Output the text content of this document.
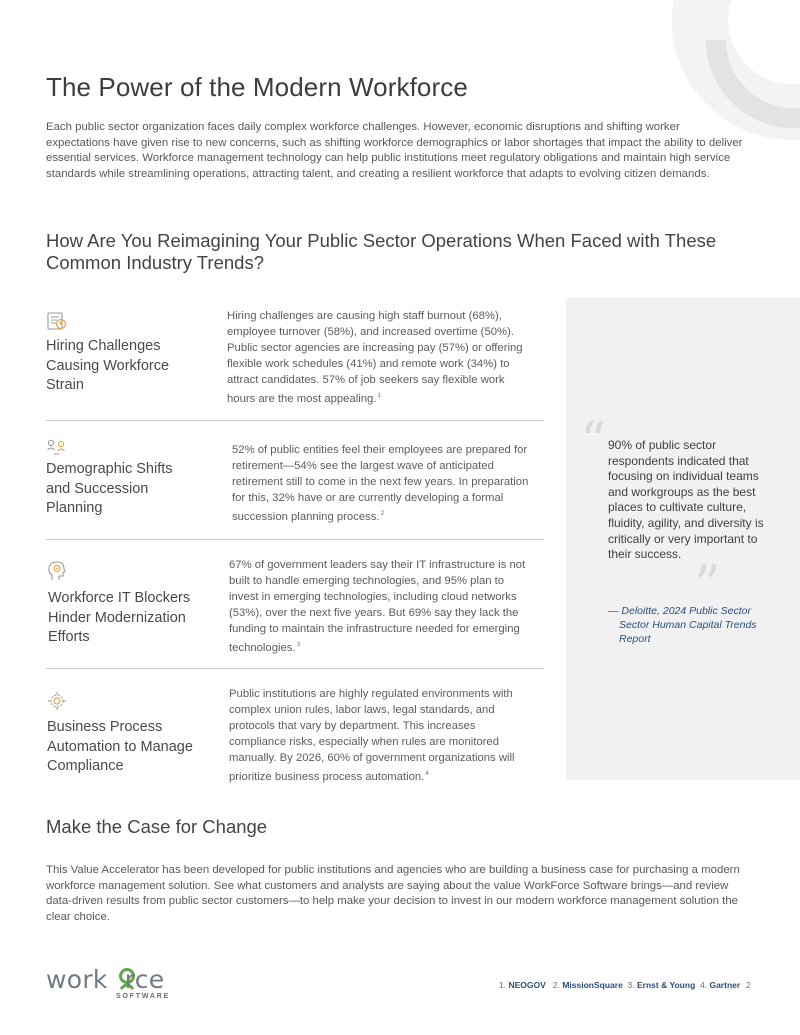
The Power of the Modern Workforce

Each public sector organization faces daily complex workforce challenges. However, economic disruptions and shifting worker expectations have given rise to new concerns, such as shifting workforce demographics or labor shortages that impact the ability to deliver essential services. Workforce management technology can help public institutions meet regulatory obligations and maintain high service standards while streamlining operations, attracting talent, and creating a resilient workforce that adapts to evolving citizen demands.

How Are You Reimagining Your Public Sector Operations When Faced with These Common Industry Trends?
“
”

90% of public sector respondents indicated that focusing on individual teams and workgroups as the best places to cultivate culture, fluidity, agility, and diversity is critically or very important to their success.

— Deloitte, 2024 Public Sector
Sector Human Capital Trends Report

Hiring Challenges Causing Workforce Strain
Hiring challenges are causing high staff burnout (68%), employee turnover (58%), and increased overtime (50%). Public sector agencies are increasing pay (57%) or offering flexible work schedules (41%) and remote work (34%) to attract candidates. 57% of job seekers say flexible work hours are the most appealing.$^1$
Demographic Shifts and Succession Planning
52% of public entities feel their employees are prepared for retirement—54% see the largest wave of anticipated retirement still to come in the next few years. In preparation for this, 32% have or are currently developing a formal succession planning process.$^2$
Workforce IT Blockers Hinder Modernization Efforts
67% of government leaders say their IT infrastructure is not built to handle emerging technologies, and 95% plan to invest in emerging technologies, including cloud networks (53%), over the next five years. But 69% say they lack the funding to maintain the infrastructure needed for emerging technologies.$^3$
Business Process Automation to Manage Compliance
Public institutions are highly regulated environments with complex union rules, labor laws, legal standards, and protocols that vary by department. This increases compliance risks, especially when rules are monitored manually. By 2026, 60% of government organizations will prioritize business process automation.$^4$
Make the Case for Change

This Value Accelerator has been developed for public institutions and agencies who are building a business case for purchasing a modern workforce management solution. See what customers and analysts are saying about the value WorkForce Software brings—and review data-driven results from public sector customers—to help make your decision to invest in our modern workforce management solution the clear choice.

work rce
SOFTWARE
1. NEOGOV 2. MissionSquare 3. Ernst & Young 4. Gartner 2
